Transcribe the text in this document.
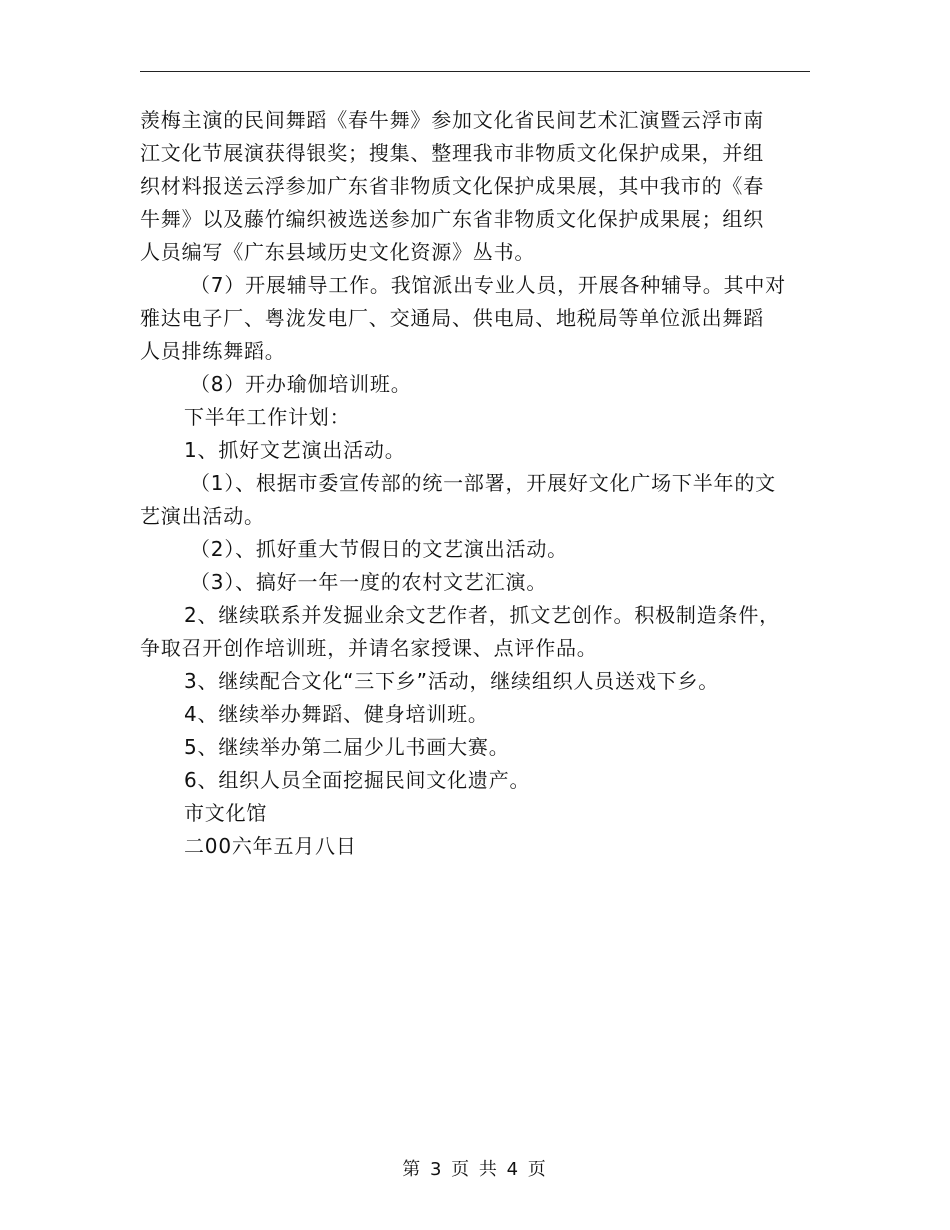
羡梅主演的民间舞蹈《春牛舞》参加文化省民间艺术汇演暨云浮市南
江文化节展演获得银奖；搜集、整理我市非物质文化保护成果，并组
织材料报送云浮参加广东省非物质文化保护成果展，其中我市的《春
牛舞》以及藤竹编织被选送参加广东省非物质文化保护成果展；组织
人员编写《广东县域历史文化资源》丛书。
（7）开展辅导工作。我馆派出专业人员，开展各种辅导。其中对
雅达电子厂、粤泷发电厂、交通局、供电局、地税局等单位派出舞蹈
人员排练舞蹈。
（8）开办瑜伽培训班。
下半年工作计划：
1、抓好文艺演出活动。
（1）、根据市委宣传部的统一部署，开展好文化广场下半年的文
艺演出活动。
（2）、抓好重大节假日的文艺演出活动。
（3）、搞好一年一度的农村文艺汇演。
2、继续联系并发掘业余文艺作者，抓文艺创作。积极制造条件，
争取召开创作培训班，并请名家授课、点评作品。
3、继续配合文化“三下乡”活动，继续组织人员送戏下乡。
4、继续举办舞蹈、健身培训班。
5、继续举办第二届少儿书画大赛。
6、组织人员全面挖掘民间文化遗产。
市文化馆
二00六年五月八日
第 3 页 共 4 页
